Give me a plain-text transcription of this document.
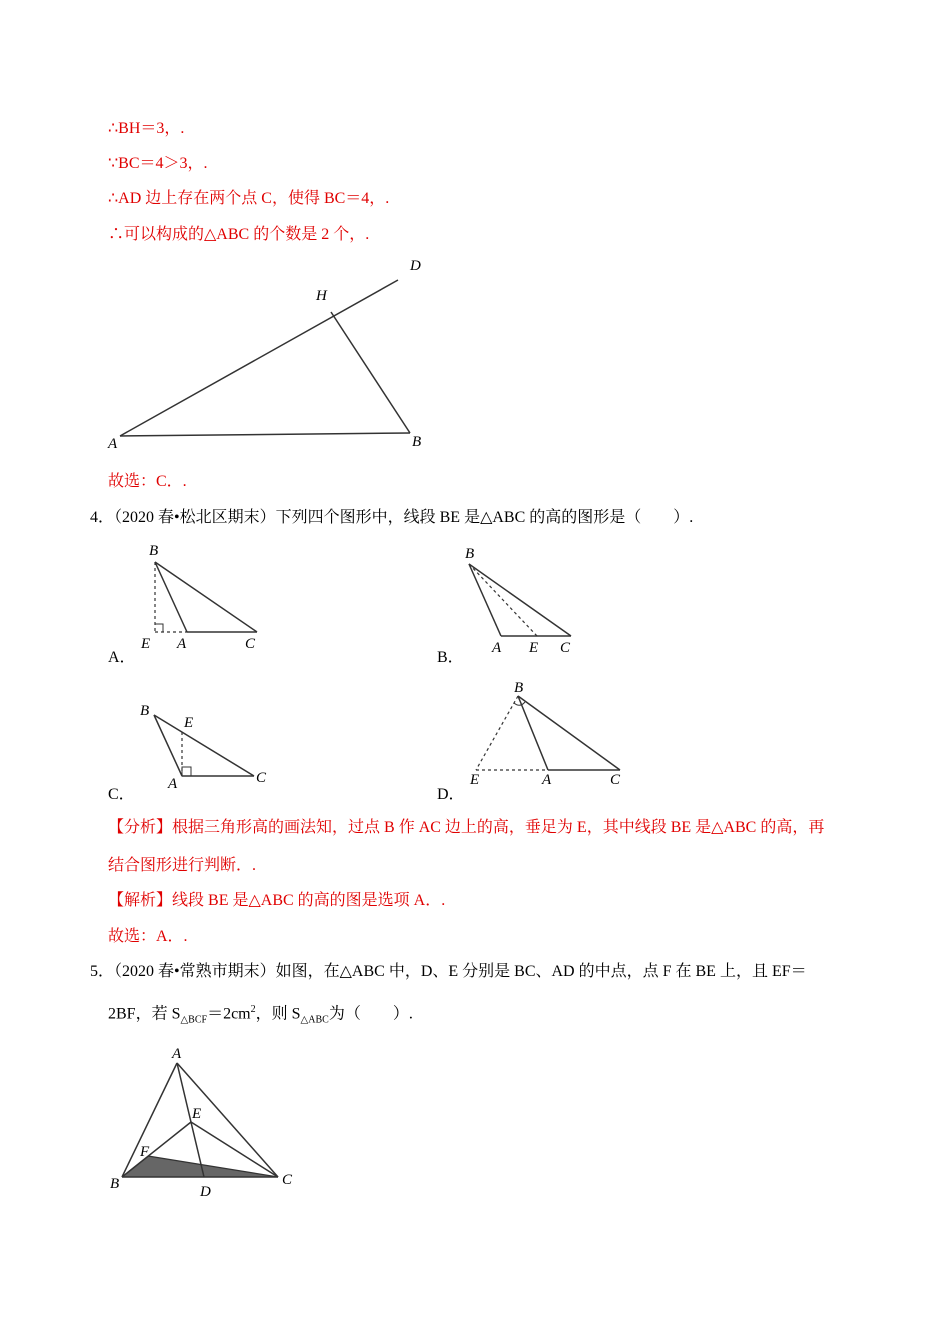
∴BH＝3，.
∵BC＝4＞3，.
∴AD 边上存在两个点 C，使得 BC＝4，.
∴可以构成的△ABC 的个数是 2 个，.
D
H
A	B
故选：C．.
4．（2020 春•松北区期末）下列四个图形中，线段 BE 是△ABC 的高的图形是（　　）.
B
E A	C
A．
B
A E C
B．
B
E
A	C
C．
B
E	A	C
D．
【分析】根据三角形高的画法知，过点 B 作 AC 边上的高，垂足为 E，其中线段 BE 是△ABC 的高，再
结合图形进行判断．.
【解析】线段 BE 是△ABC 的高的图是选项 A．.
故选：A．.
5．（2020 春•常熟市期末）如图，在△ABC 中，D、E 分别是 BC、AD 的中点，点 F 在 BE 上，且 EF＝
2BF，若 $S_{\triangle BCF}=2cm^2$，则 $S_{\triangle ABC}$为（　　）.
A
E
F
B	D
C
